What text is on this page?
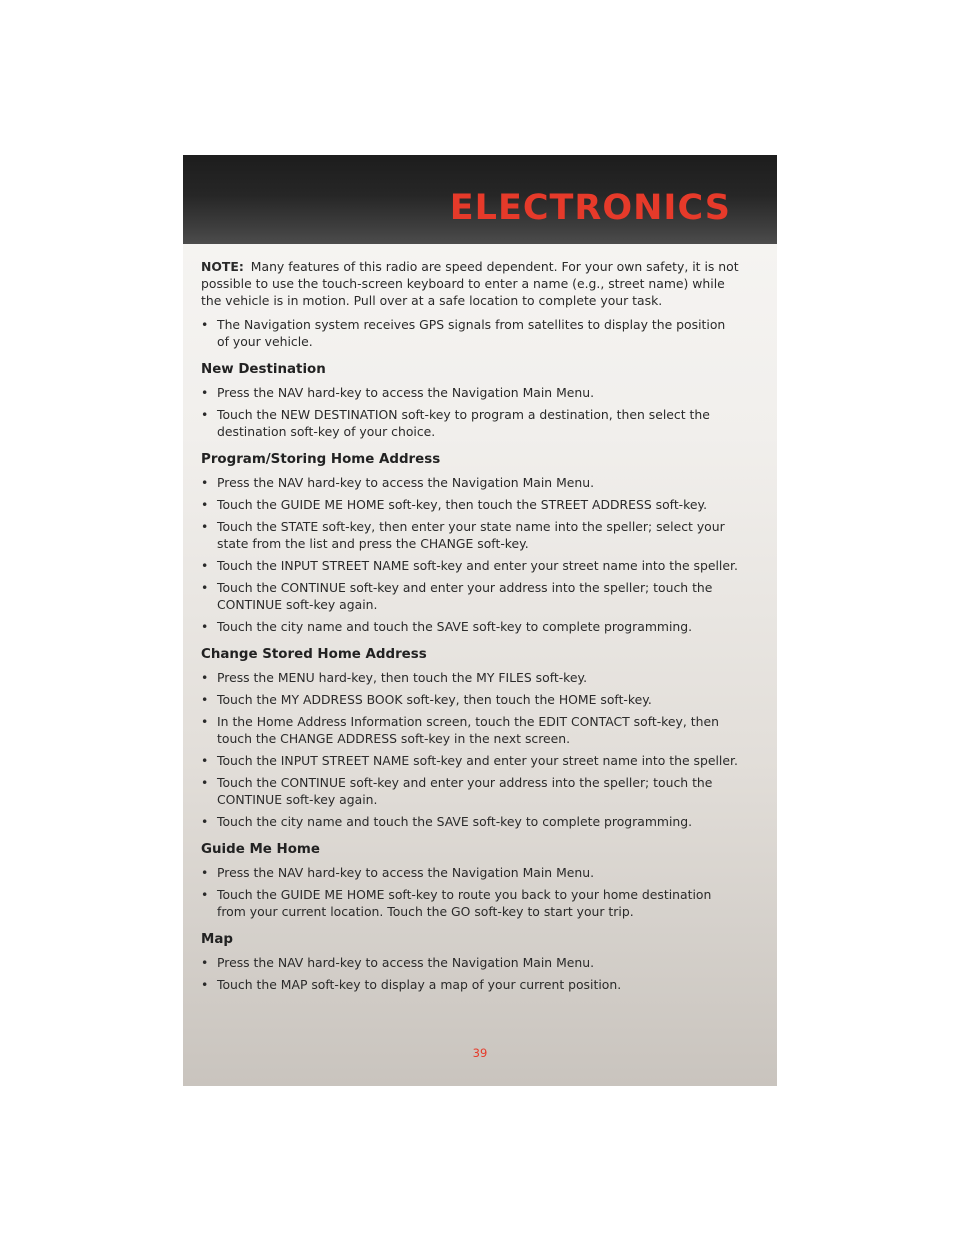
ELECTRONICS

NOTE: Many features of this radio are speed dependent. For your own safety, it is not possible to use the touch-screen keyboard to enter a name (e.g., street name) while the vehicle is in motion. Pull over at a safe location to complete your task.

• The Navigation system receives GPS signals from satellites to display the position of your vehicle.
New Destination
• Press the NAV hard-key to access the Navigation Main Menu.
• Touch the NEW DESTINATION soft-key to program a destination, then select the destination soft-key of your choice.
Program/Storing Home Address
• Press the NAV hard-key to access the Navigation Main Menu.
• Touch the GUIDE ME HOME soft-key, then touch the STREET ADDRESS soft-key.
• Touch the STATE soft-key, then enter your state name into the speller; select your state from the list and press the CHANGE soft-key.
• Touch the INPUT STREET NAME soft-key and enter your street name into the speller.
• Touch the CONTINUE soft-key and enter your address into the speller; touch the CONTINUE soft-key again.
• Touch the city name and touch the SAVE soft-key to complete programming.
Change Stored Home Address
• Press the MENU hard-key, then touch the MY FILES soft-key.
• Touch the MY ADDRESS BOOK soft-key, then touch the HOME soft-key.
• In the Home Address Information screen, touch the EDIT CONTACT soft-key, then touch the CHANGE ADDRESS soft-key in the next screen.
• Touch the INPUT STREET NAME soft-key and enter your street name into the speller.
• Touch the CONTINUE soft-key and enter your address into the speller; touch the CONTINUE soft-key again.
• Touch the city name and touch the SAVE soft-key to complete programming.
Guide Me Home
• Press the NAV hard-key to access the Navigation Main Menu.
• Touch the GUIDE ME HOME soft-key to route you back to your home destination from your current location. Touch the GO soft-key to start your trip.
Map
• Press the NAV hard-key to access the Navigation Main Menu.
• Touch the MAP soft-key to display a map of your current position.
39
